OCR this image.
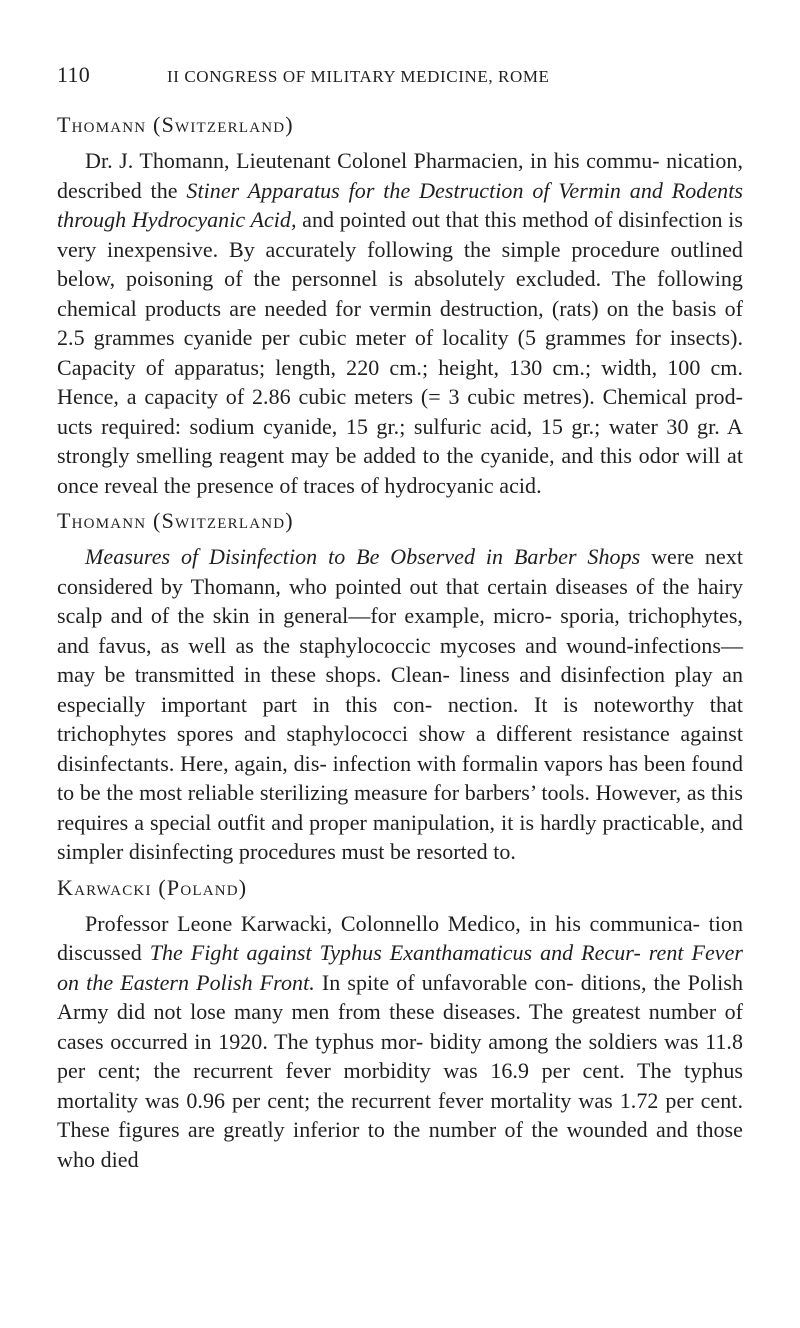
110	II CONGRESS OF MILITARY MEDICINE, ROME
Thomann (Switzerland)

Dr. J. Thomann, Lieutenant Colonel Pharmacien, in his commu- nication, described the Stiner Apparatus for the Destruction of Vermin and Rodents through Hydrocyanic Acid, and pointed out that this method of disinfection is very inexpensive. By accurately following the simple procedure outlined below, poisoning of the personnel is absolutely excluded. The following chemical products are needed for vermin destruction, (rats) on the basis of 2.5 grammes cyanide per cubic meter of locality (5 grammes for insects). Capacity of apparatus; length, 220 cm.; height, 130 cm.; width, 100 cm. Hence, a capacity of 2.86 cubic meters (= 3 cubic metres). Chemical prod- ucts required: sodium cyanide, 15 gr.; sulfuric acid, 15 gr.; water 30 gr. A strongly smelling reagent may be added to the cyanide, and this odor will at once reveal the presence of traces of hydrocyanic acid.

Thomann (Switzerland)

Measures of Disinfection to Be Observed in Barber Shops were next considered by Thomann, who pointed out that certain diseases of the hairy scalp and of the skin in general—for example, micro- sporia, trichophytes, and favus, as well as the staphylococcic mycoses and wound-infections—may be transmitted in these shops. Clean- liness and disinfection play an especially important part in this con- nection. It is noteworthy that trichophytes spores and staphylococci show a different resistance against disinfectants. Here, again, dis- infection with formalin vapors has been found to be the most reliable sterilizing measure for barbers’ tools. However, as this requires a special outfit and proper manipulation, it is hardly practicable, and simpler disinfecting procedures must be resorted to.

Karwacki (Poland)

Professor Leone Karwacki, Colonnello Medico, in his communica- tion discussed The Fight against Typhus Exanthamaticus and Recur- rent Fever on the Eastern Polish Front. In spite of unfavorable con- ditions, the Polish Army did not lose many men from these diseases. The greatest number of cases occurred in 1920. The typhus mor- bidity among the soldiers was 11.8 per cent; the recurrent fever morbidity was 16.9 per cent. The typhus mortality was 0.96 per cent; the recurrent fever mortality was 1.72 per cent. These figures are greatly inferior to the number of the wounded and those who died
